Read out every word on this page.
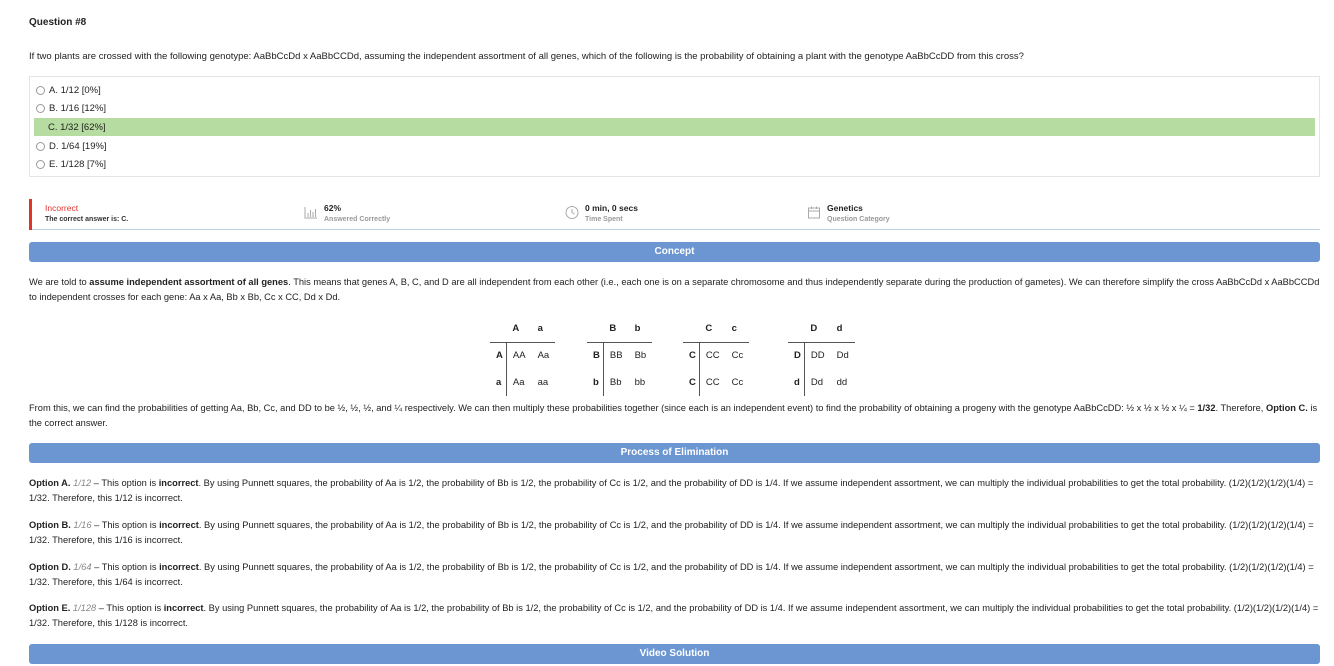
Question #8
If two plants are crossed with the following genotype: AaBbCcDd x AaBbCCDd, assuming the independent assortment of all genes, which of the following is the probability of obtaining a plant with the genotype AaBbCcDD from this cross?
A. 1/12 [0%]
B. 1/16 [12%]
C. 1/32 [62%]
D. 1/64 [19%]
E. 1/128 [7%]
Incorrect
The correct answer is: C.
62%
Answered Correctly
0 min, 0 secs
Time Spent
Genetics
Question Category
Concept
We are told to assume independent assortment of all genes. This means that genes A, B, C, and D are all independent from each other (i.e., each one is on a separate chromosome and thus independently separate during the production of gametes). We can therefore simplify the cross AaBbCcDd x AaBbCCDd to independent crosses for each gene: Aa x Aa, Bb x Bb, Cc x CC, Dd x Dd.
	A	a
A	AA	Aa
a	Aa	aa
	B	b
B	BB	Bb
b	Bb	bb
	C	c
C	CC	Cc
C	CC	Cc
	D	d
D	DD	Dd
d	Dd	dd
From this, we can find the probabilities of getting Aa, Bb, Cc, and DD to be ½, ½, ½, and ¼ respectively. We can then multiply these probabilities together (since each is an independent event) to find the probability of obtaining a progeny with the genotype AaBbCcDD: ½ x ½ x ½ x ¼ = 1/32. Therefore, Option C. is the correct answer.
Process of Elimination
Option A. 1/12 – This option is incorrect. By using Punnett squares, the probability of Aa is 1/2, the probability of Bb is 1/2, the probability of Cc is 1/2, and the probability of DD is 1/4. If we assume independent assortment, we can multiply the individual probabilities to get the total probability. (1/2)(1/2)(1/2)(1/4) = 1/32. Therefore, this 1/12 is incorrect.
Option B. 1/16 – This option is incorrect. By using Punnett squares, the probability of Aa is 1/2, the probability of Bb is 1/2, the probability of Cc is 1/2, and the probability of DD is 1/4. If we assume independent assortment, we can multiply the individual probabilities to get the total probability. (1/2)(1/2)(1/2)(1/4) = 1/32. Therefore, this 1/16 is incorrect.
Option D. 1/64 – This option is incorrect. By using Punnett squares, the probability of Aa is 1/2, the probability of Bb is 1/2, the probability of Cc is 1/2, and the probability of DD is 1/4. If we assume independent assortment, we can multiply the individual probabilities to get the total probability. (1/2)(1/2)(1/2)(1/4) = 1/32. Therefore, this 1/64 is incorrect.
Option E. 1/128 – This option is incorrect. By using Punnett squares, the probability of Aa is 1/2, the probability of Bb is 1/2, the probability of Cc is 1/2, and the probability of DD is 1/4. If we assume independent assortment, we can multiply the individual probabilities to get the total probability. (1/2)(1/2)(1/2)(1/4) = 1/32. Therefore, this 1/128 is incorrect.
Video Solution
